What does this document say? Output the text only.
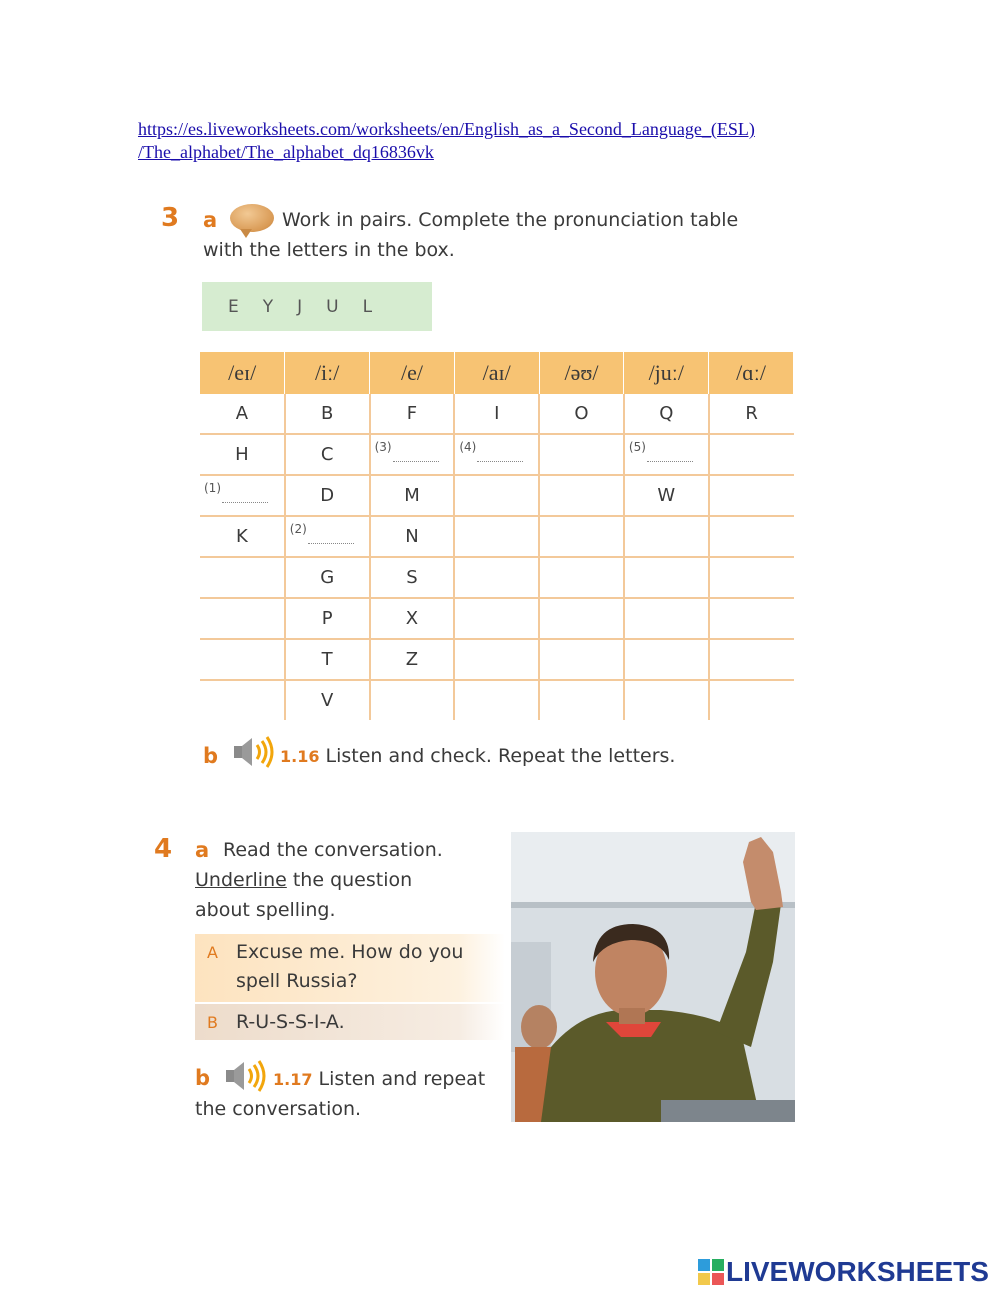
https://es.liveworksheets.com/worksheets/en/English_as_a_Second_Language_(ESL)
/The_alphabet/The_alphabet_dq16836vk
3 a	Work in pairs. Complete the pronunciation table
with the letters in the box.
E Y J U L
/eɪ/	/iː/	/e/	/aɪ/	/əʊ/	/juː/	/ɑː/
A	B	F	I	O	Q	R
H	C	(3)	(4)		(5)	

(1)	D	M			W	
K	(2)	N				
	G	S				
	P	X				
	T	Z				
	V					
b	1.16 Listen and check. Repeat the letters.
4 a Read the conversation.
Underline the question
about spelling.
A Excuse me. How do you
spell Russia?
B R-U-S-S-I-A.
b	1.17 Listen and repeat
the conversation.
LIVEWORKSHEETS
